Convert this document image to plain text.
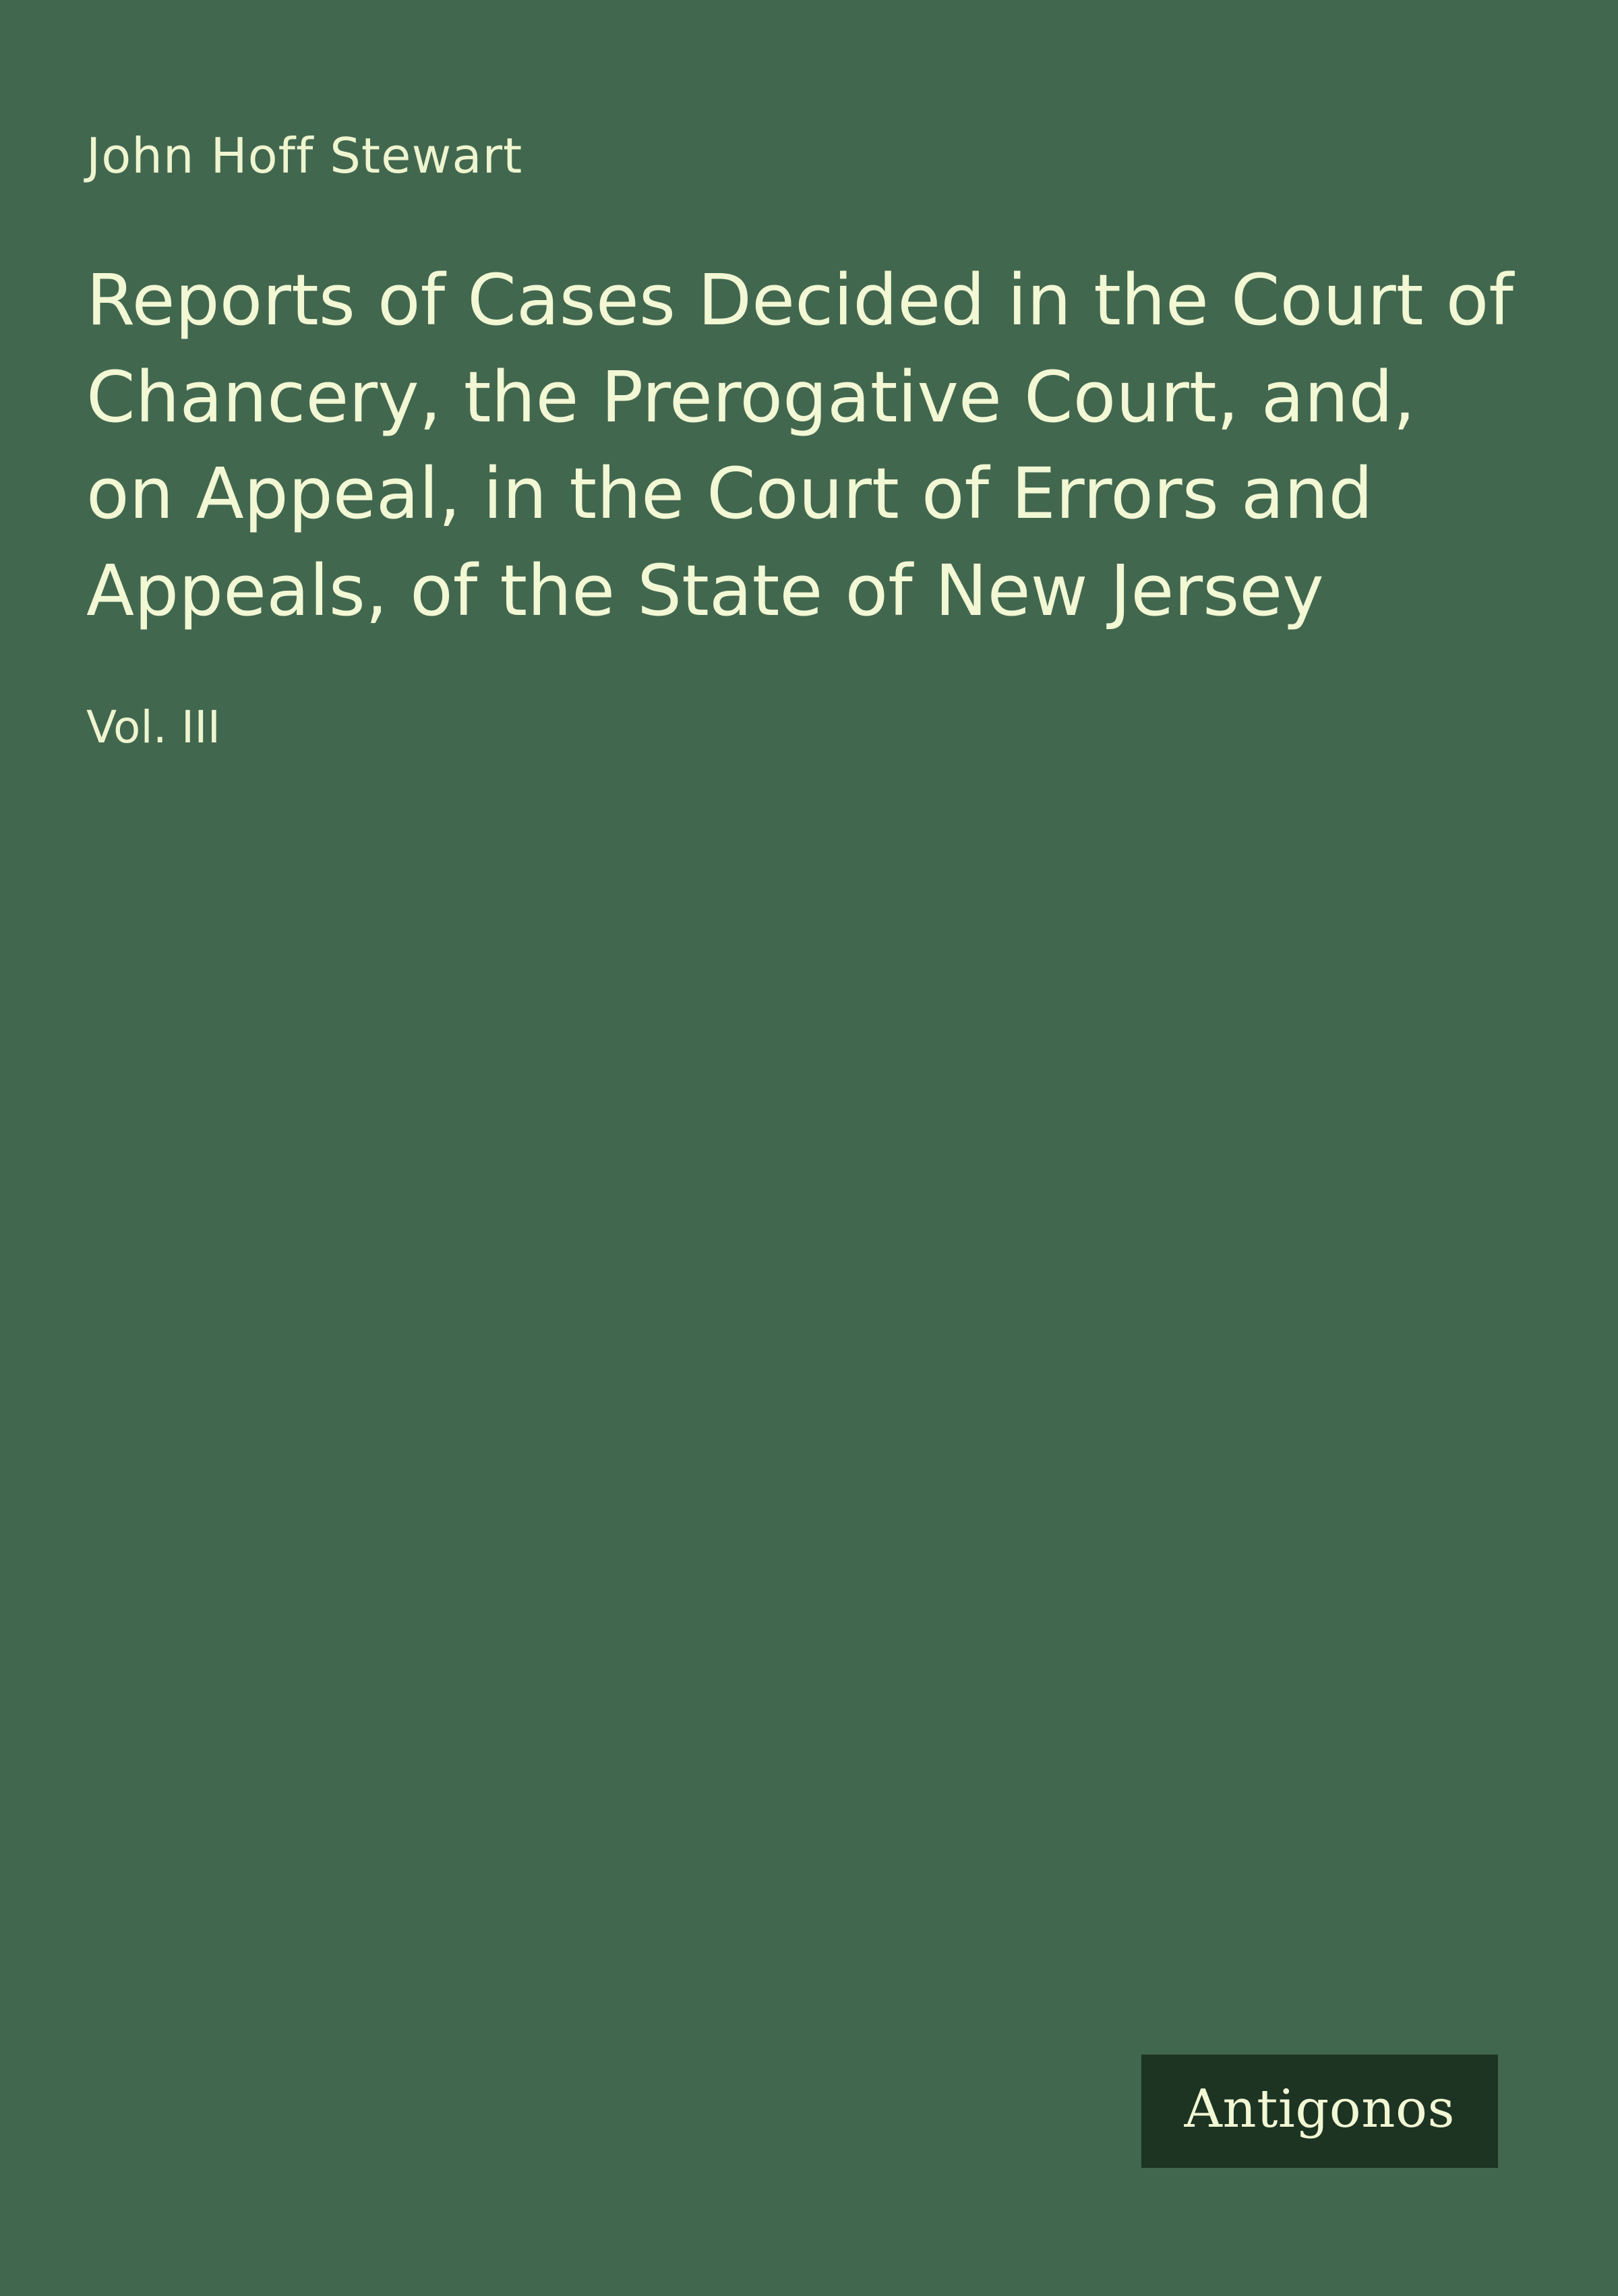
John Hoff Stewart
Reports of Cases Decided in the Court of Chancery, the Prerogative Court, and, on Appeal, in the Court of Errors and Appeals, of the State of New Jersey
Vol. III
Antigonos
